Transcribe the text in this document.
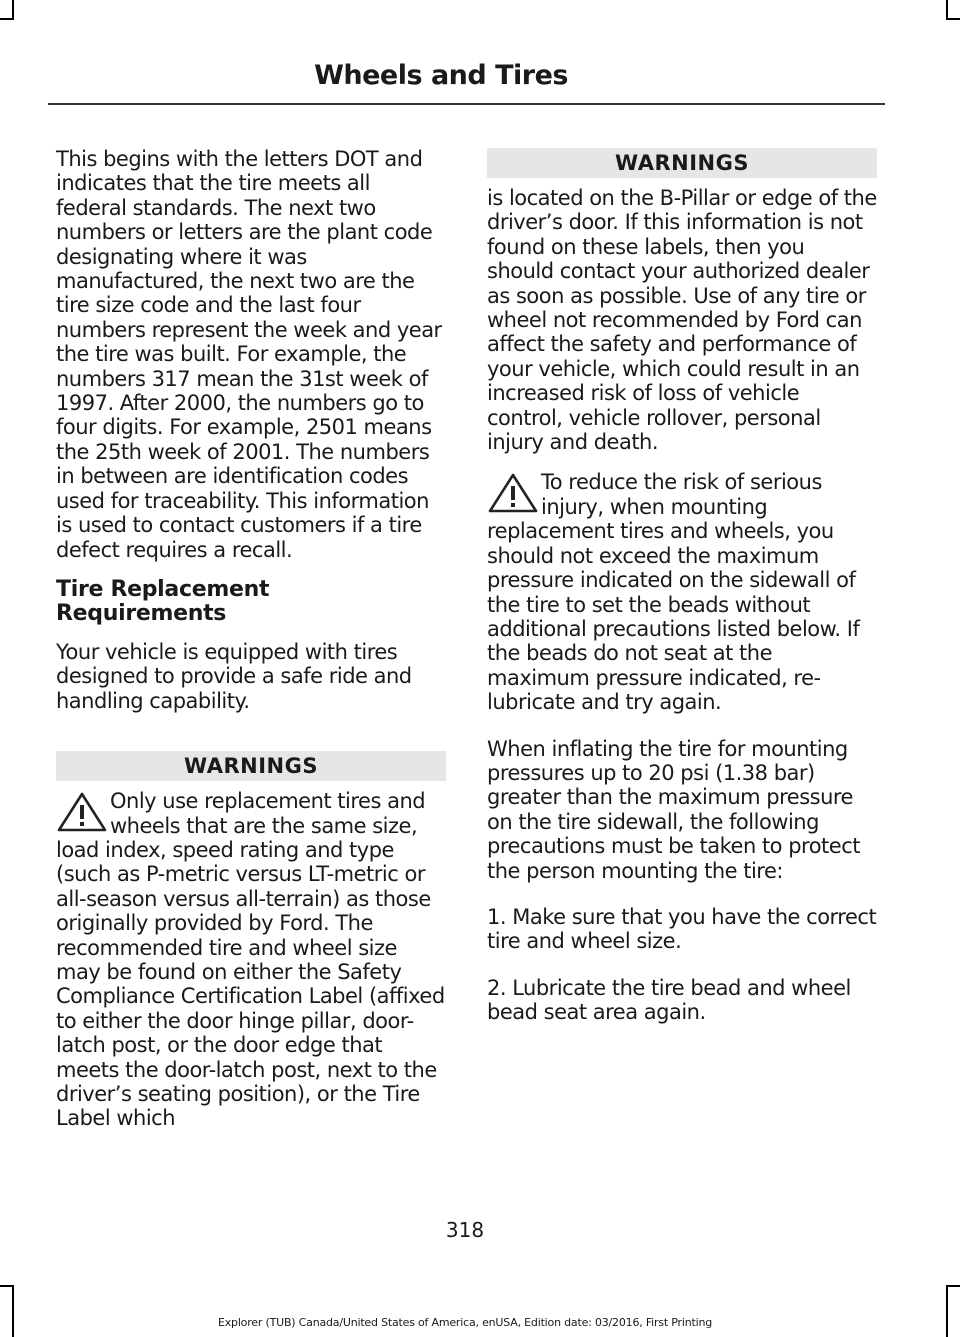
Wheels and Tires

This begins with the letters DOT and indicates that the tire meets all federal standards. The next two numbers or letters are the plant code designating where it was manufactured, the next two are the tire size code and the last four numbers represent the week and year the tire was built. For example, the numbers 317 mean the 31st week of 1997. After 2000, the numbers go to four digits. For example, 2501 means the 25th week of 2001. The numbers in between are identification codes used for traceability. This information is used to contact customers if a tire defect requires a recall.

Tire Replacement Requirements

Your vehicle is equipped with tires designed to provide a safe ride and handling capability.

WARNINGS

Only use replacement tires and wheels that are the same size, load index, speed rating and type (such as P-metric versus LT-metric or all-season versus all-terrain) as those originally provided by Ford. The recommended tire and wheel size may be found on either the Safety Compliance Certification Label (affixed to either the door hinge pillar, door-latch post, or the door edge that meets the door-latch post, next to the driver’s seating position), or the Tire Label which

WARNINGS

is located on the B-Pillar or edge of the driver’s door. If this information is not found on these labels, then you should contact your authorized dealer as soon as possible. Use of any tire or wheel not recommended by Ford can affect the safety and performance of your vehicle, which could result in an increased risk of loss of vehicle control, vehicle rollover, personal injury and death.

To reduce the risk of serious injury, when mounting replacement tires and wheels, you should not exceed the maximum pressure indicated on the sidewall of the tire to set the beads without additional precautions listed below. If the beads do not seat at the maximum pressure indicated, re-lubricate and try again.

When inflating the tire for mounting pressures up to 20 psi (1.38 bar) greater than the maximum pressure on the tire sidewall, the following precautions must be taken to protect the person mounting the tire:

1. Make sure that you have the correct tire and wheel size.

2. Lubricate the tire bead and wheel bead seat area again.

318
Explorer (TUB) Canada/United States of America, enUSA, Edition date: 03/2016, First Printing
